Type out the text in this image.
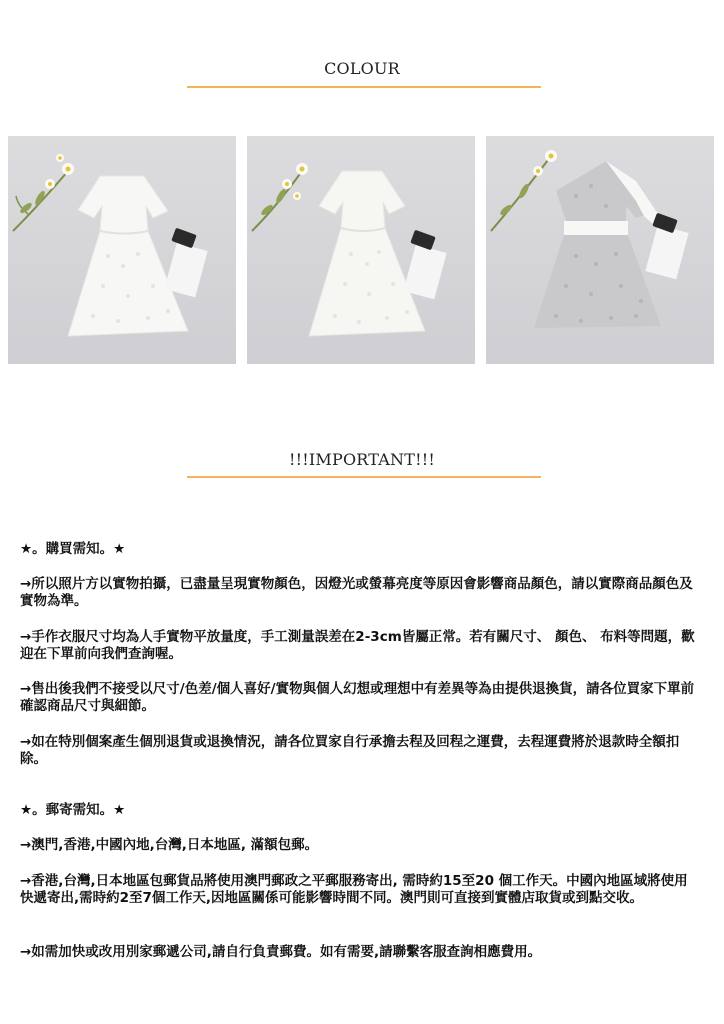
COLOUR
!!!IMPORTANT!!!

★。購買需知。★

→所以照片方以實物拍攝，已盡量呈現實物顏色，因燈光或螢幕亮度等原因會影響商品顏色，請以實際商品顏色及實物為準。

→手作衣服尺寸均為人手實物平放量度，手工測量誤差在2-3cm皆屬正常。若有關尺寸、 顏色、 布料等問題，歡迎在下單前向我們查詢喔。

→售出後我們不接受以尺寸/色差/個人喜好/實物與個人幻想或理想中有差異等為由提供退換貨，請各位買家下單前確認商品尺寸與細節。

→如在特別個案產生個別退貨或退換情況，請各位買家自行承擔去程及回程之運費，去程運費將於退款時全額扣除。

★。郵寄需知。★

→澳門,香港,中國內地,台灣,日本地區, 滿額包郵。

→香港,台灣,日本地區包郵貨品將使用澳門郵政之平郵服務寄出, 需時約15至20 個工作天。中國內地區域將使用快遞寄出,需時約2至7個工作天,因地區關係可能影響時間不同。澳門則可直接到實體店取貨或到點交收。

→如需加快或改用別家郵遞公司,請自行負責郵費。如有需要,請聯繫客服查詢相應費用。
